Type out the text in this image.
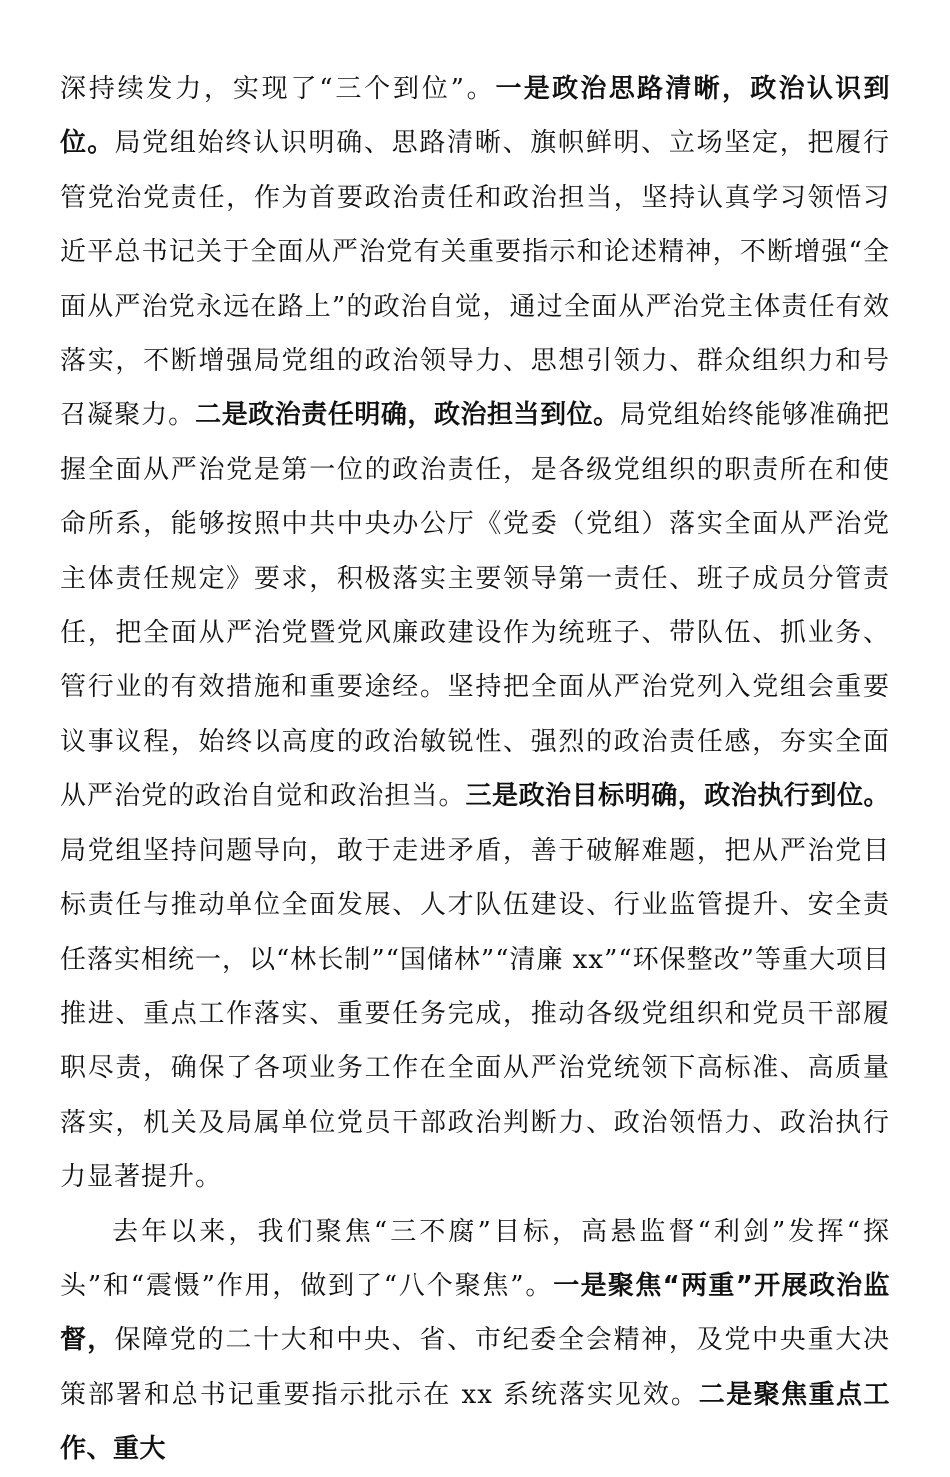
深持续发力，实现了“三个到位”。一是政治思路清晰，政治认识到位。局党组始终认识明确、思路清晰、旗帜鲜明、立场坚定，把履行管党治党责任，作为首要政治责任和政治担当，坚持认真学习领悟习近平总书记关于全面从严治党有关重要指示和论述精神，不断增强“全面从严治党永远在路上”的政治自觉，通过全面从严治党主体责任有效落实，不断增强局党组的政治领导力、思想引领力、群众组织力和号召凝聚力。二是政治责任明确，政治担当到位。局党组始终能够准确把握全面从严治党是第一位的政治责任，是各级党组织的职责所在和使命所系，能够按照中共中央办公厅《党委（党组）落实全面从严治党主体责任规定》要求，积极落实主要领导第一责任、班子成员分管责任，把全面从严治党暨党风廉政建设作为统班子、带队伍、抓业务、管行业的有效措施和重要途经。坚持把全面从严治党列入党组会重要议事议程，始终以高度的政治敏锐性、强烈的政治责任感，夯实全面从严治党的政治自觉和政治担当。三是政治目标明确，政治执行到位。局党组坚持问题导向，敢于走进矛盾，善于破解难题，把从严治党目标责任与推动单位全面发展、人才队伍建设、行业监管提升、安全责任落实相统一，以“林长制”“国储林”“清廉 xx”“环保整改”等重大项目推进、重点工作落实、重要任务完成，推动各级党组织和党员干部履职尽责，确保了各项业务工作在全面从严治党统领下高标准、高质量落实，机关及局属单位党员干部政治判断力、政治领悟力、政治执行力显著提升。

去年以来，我们聚焦“三不腐”目标，高悬监督“利剑”发挥“探头”和“震慑”作用，做到了“八个聚焦”。一是聚焦“两重”开展政治监督，保障党的二十大和中央、省、市纪委全会精神，及党中央重大决策部署和总书记重要指示批示在 xx 系统落实见效。二是聚焦重点工作、重大
